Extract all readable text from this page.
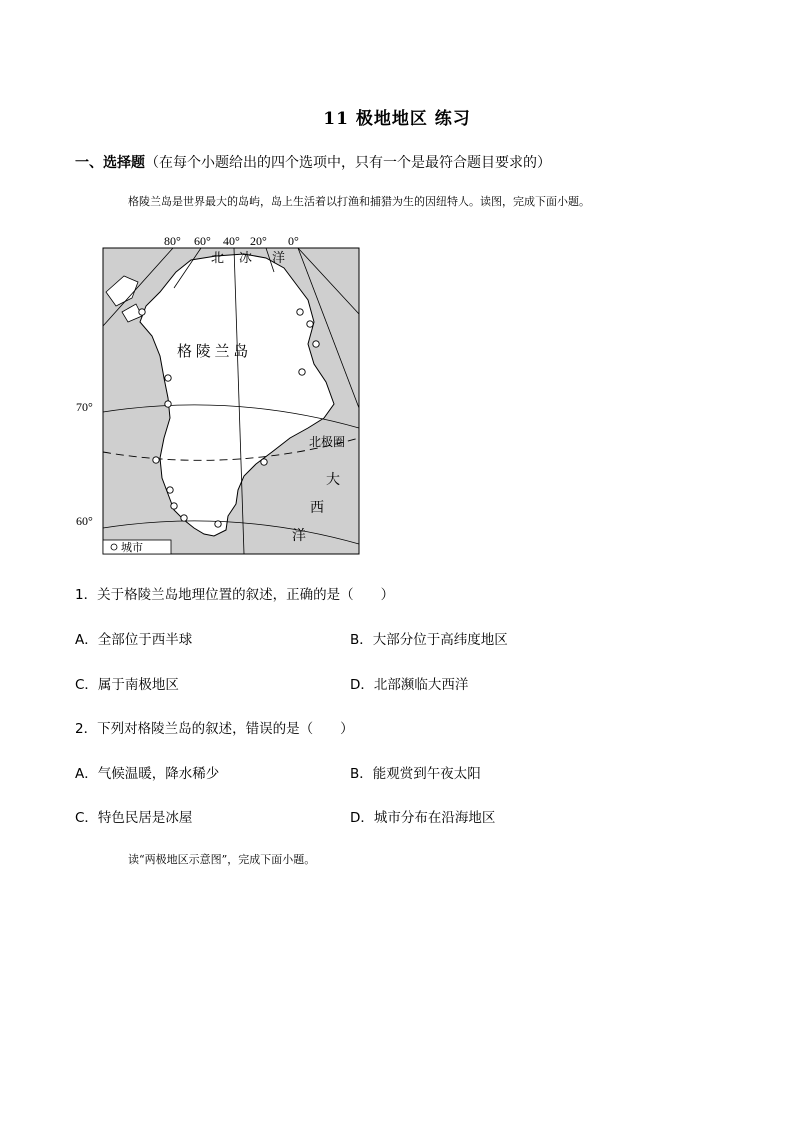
11 极地地区 练习
一、选择题（在每个小题给出的四个选项中，只有一个是最符合题目要求的）
格陵兰岛是世界最大的岛屿，岛上生活着以打渔和捕猎为生的因纽特人。读图，完成下面小题。
80° 60° 40° 20° 0°
70°
60°
北 冰 洋
格 陵 兰 岛
北极圈
大
西
洋
城市
1．关于格陵兰岛地理位置的叙述，正确的是（　　）
A．全部位于西半球	B．大部分位于高纬度地区
C．属于南极地区	D．北部濒临大西洋
2．下列对格陵兰岛的叙述，错误的是（　　）
A．气候温暖，降水稀少	B．能观赏到午夜太阳
C．特色民居是冰屋	D．城市分布在沿海地区
读“两极地区示意图”，完成下面小题。
